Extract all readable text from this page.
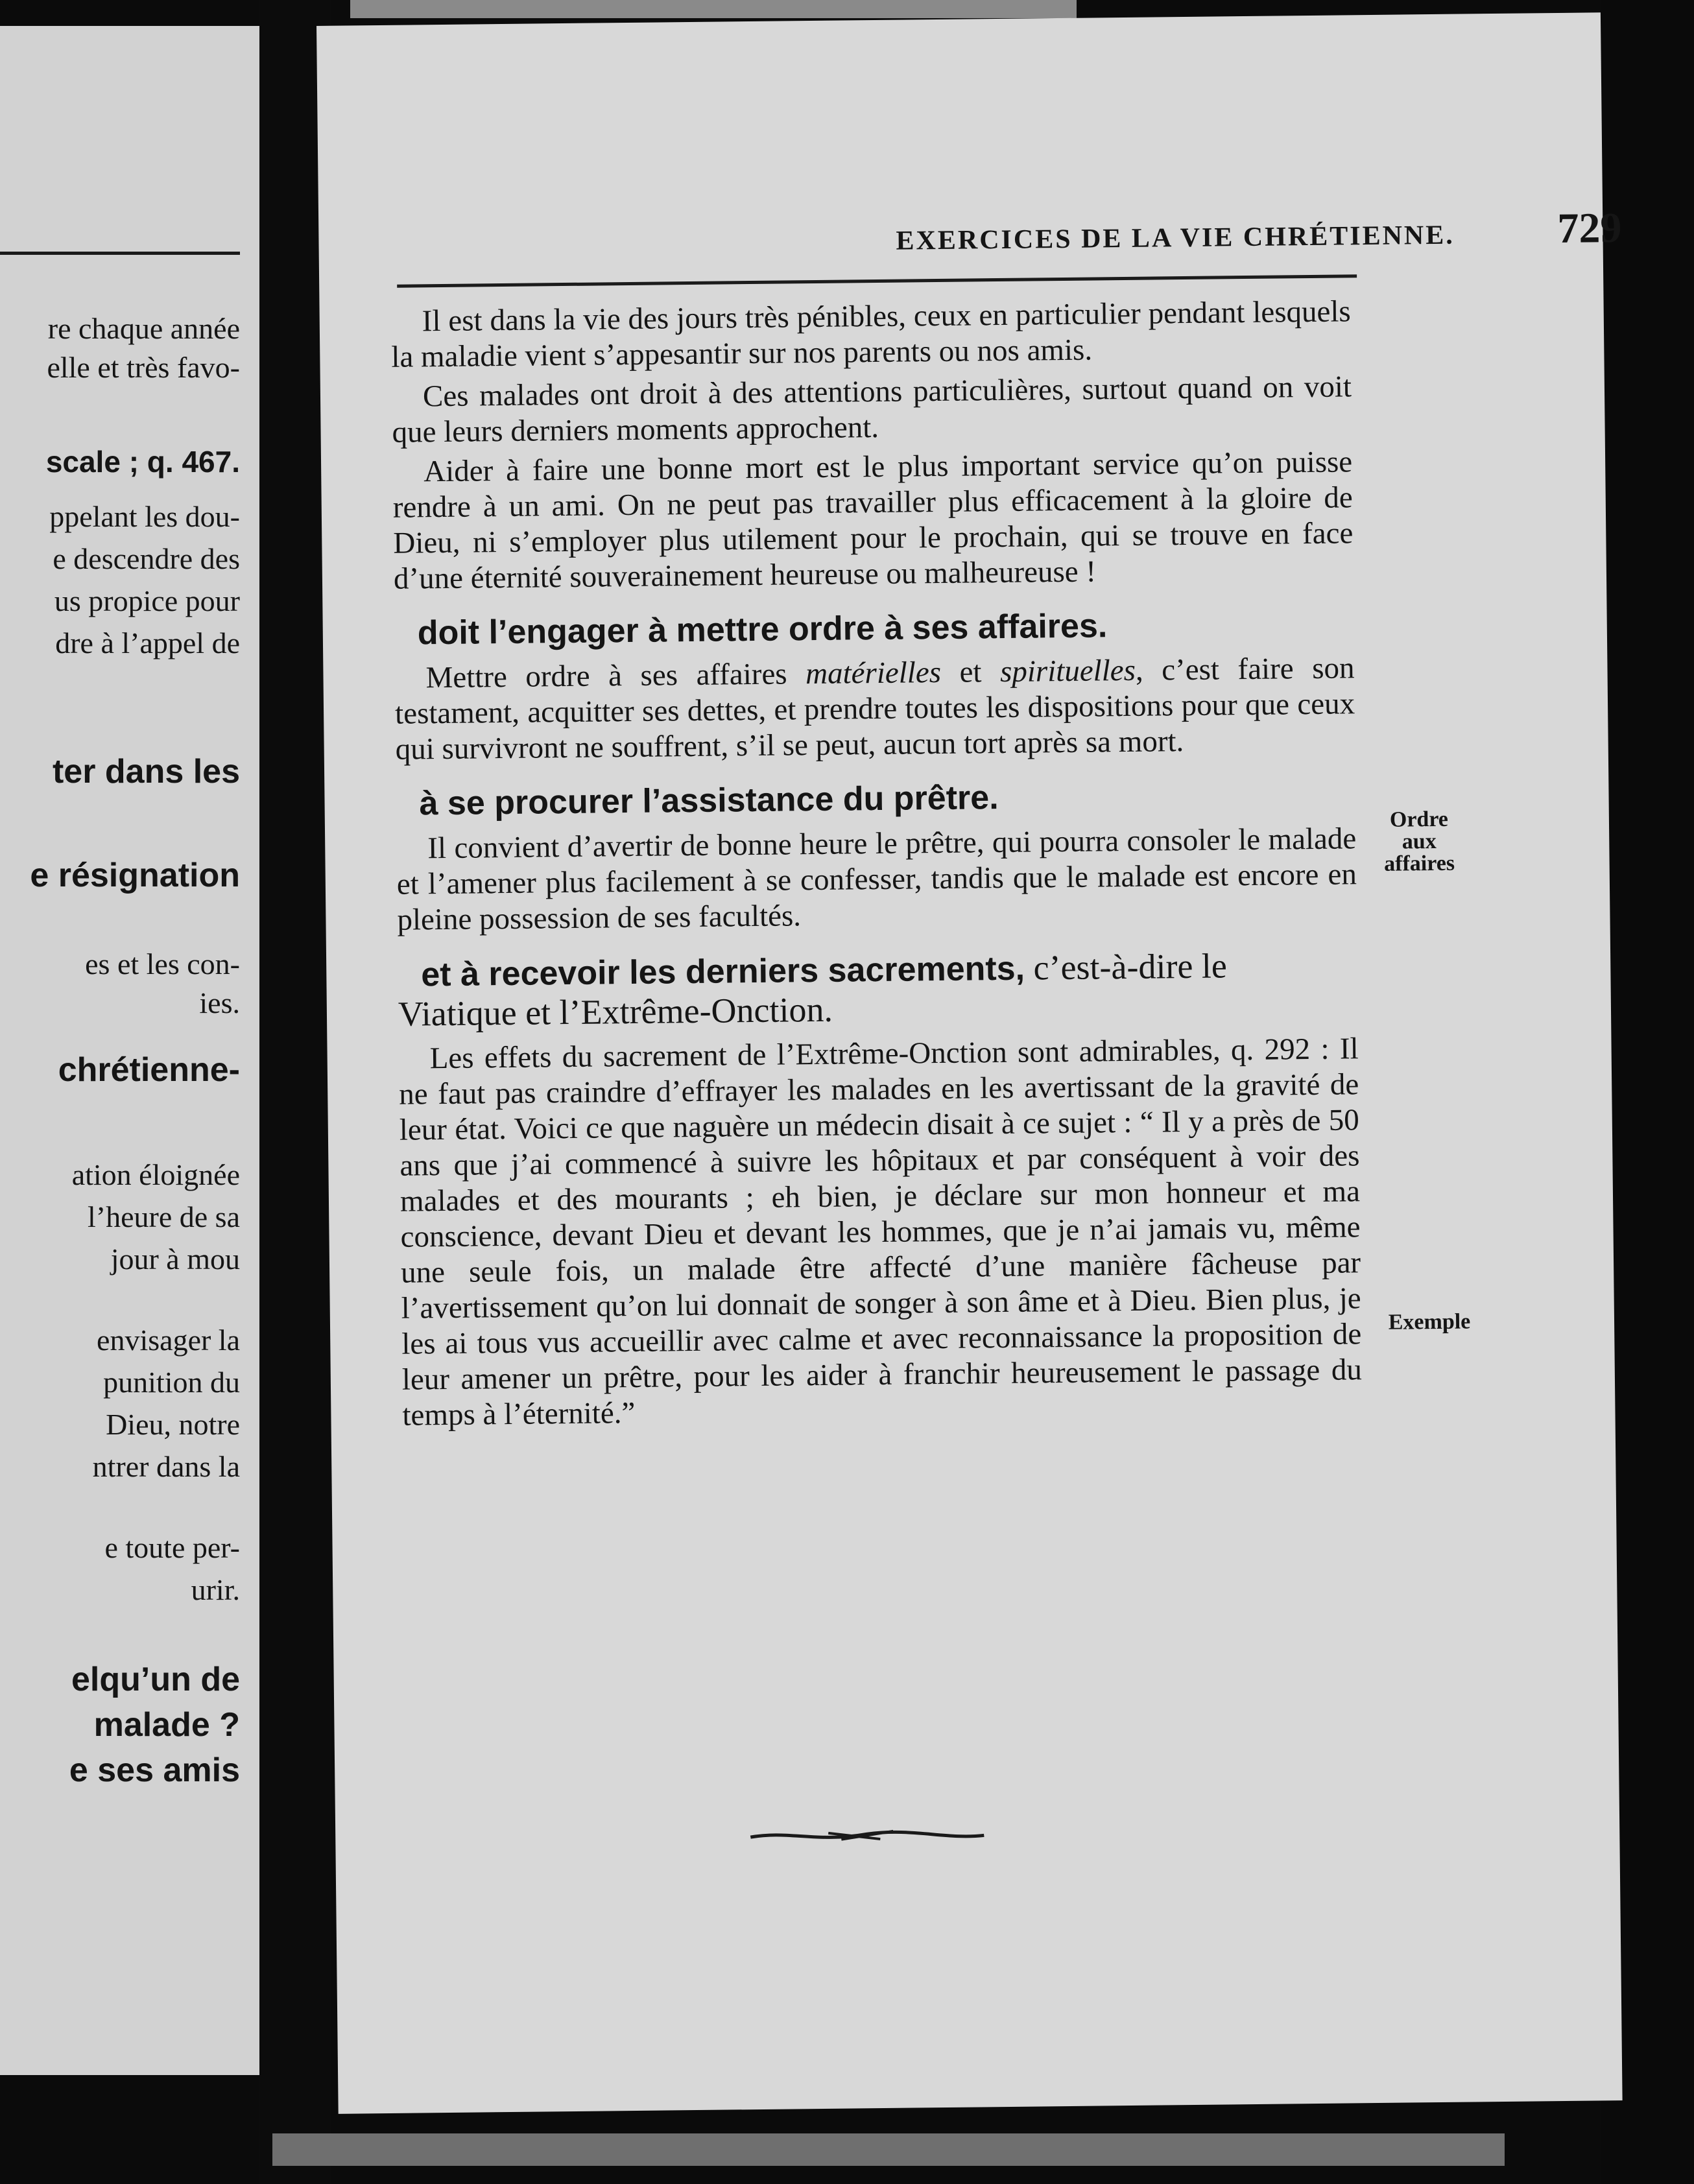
re chaque année
elle et très favo-
scale ; q. 467.
ppelant les dou-
e descendre des
us propice pour
dre à l’appel de
ter dans les
e résignation
es et les con-
ies.
chrétienne-
ation éloignée
l’heure de sa
jour à mou
envisager la
punition du
Dieu, notre
ntrer dans la
e toute per-
urir.
elqu’un de
malade ?
e ses amis
EXERCICES DE LA VIE CHRÉTIENNE. 729

Il est dans la vie des jours très pénibles, ceux en particulier pendant lesquels la maladie vient s’appesantir sur nos parents ou nos amis.

Ces malades ont droit à des attentions particulières, surtout quand on voit que leurs derniers moments approchent.

Aider à faire une bonne mort est le plus important service qu’on puisse rendre à un ami. On ne peut pas travailler plus efficacement à la gloire de Dieu, ni s’employer plus utilement pour le prochain, qui se trouve en face d’une éternité souverainement heureuse ou malheureuse !

doit l’engager à mettre ordre à ses affaires.

Mettre ordre à ses affaires matérielles et spirituelles, c’est faire son testament, acquitter ses dettes, et prendre toutes les dispositions pour que ceux qui survivront ne souffrent, s’il se peut, aucun tort après sa mort.

à se procurer l’assistance du prêtre.

Il convient d’avertir de bonne heure le prêtre, qui pourra consoler le malade et l’amener plus facilement à se confesser, tandis que le malade est encore en pleine possession de ses facultés.

et à recevoir les derniers sacrements, c’est-à-dire le
Viatique et l’Extrême-Onction.

Les effets du sacrement de l’Extrême-Onction sont admirables, q. 292 : Il ne faut pas craindre d’effrayer les malades en les avertissant de la gravité de leur état. Voici ce que naguère un médecin disait à ce sujet : “ Il y a près de 50 ans que j’ai commencé à suivre les hôpitaux et par conséquent à voir des malades et des mourants ; eh bien, je déclare sur mon honneur et ma conscience, devant Dieu et devant les hommes, que je n’ai jamais vu, même une seule fois, un malade être affecté d’une manière fâcheuse par l’avertissement qu’on lui donnait de songer à son âme et à Dieu. Bien plus, je les ai tous vus accueillir avec calme et avec reconnaissance la proposition de leur amener un prêtre, pour les aider à franchir heureusement le passage du temps à l’éternité.”

Ordre
aux
affaires
Exemple
